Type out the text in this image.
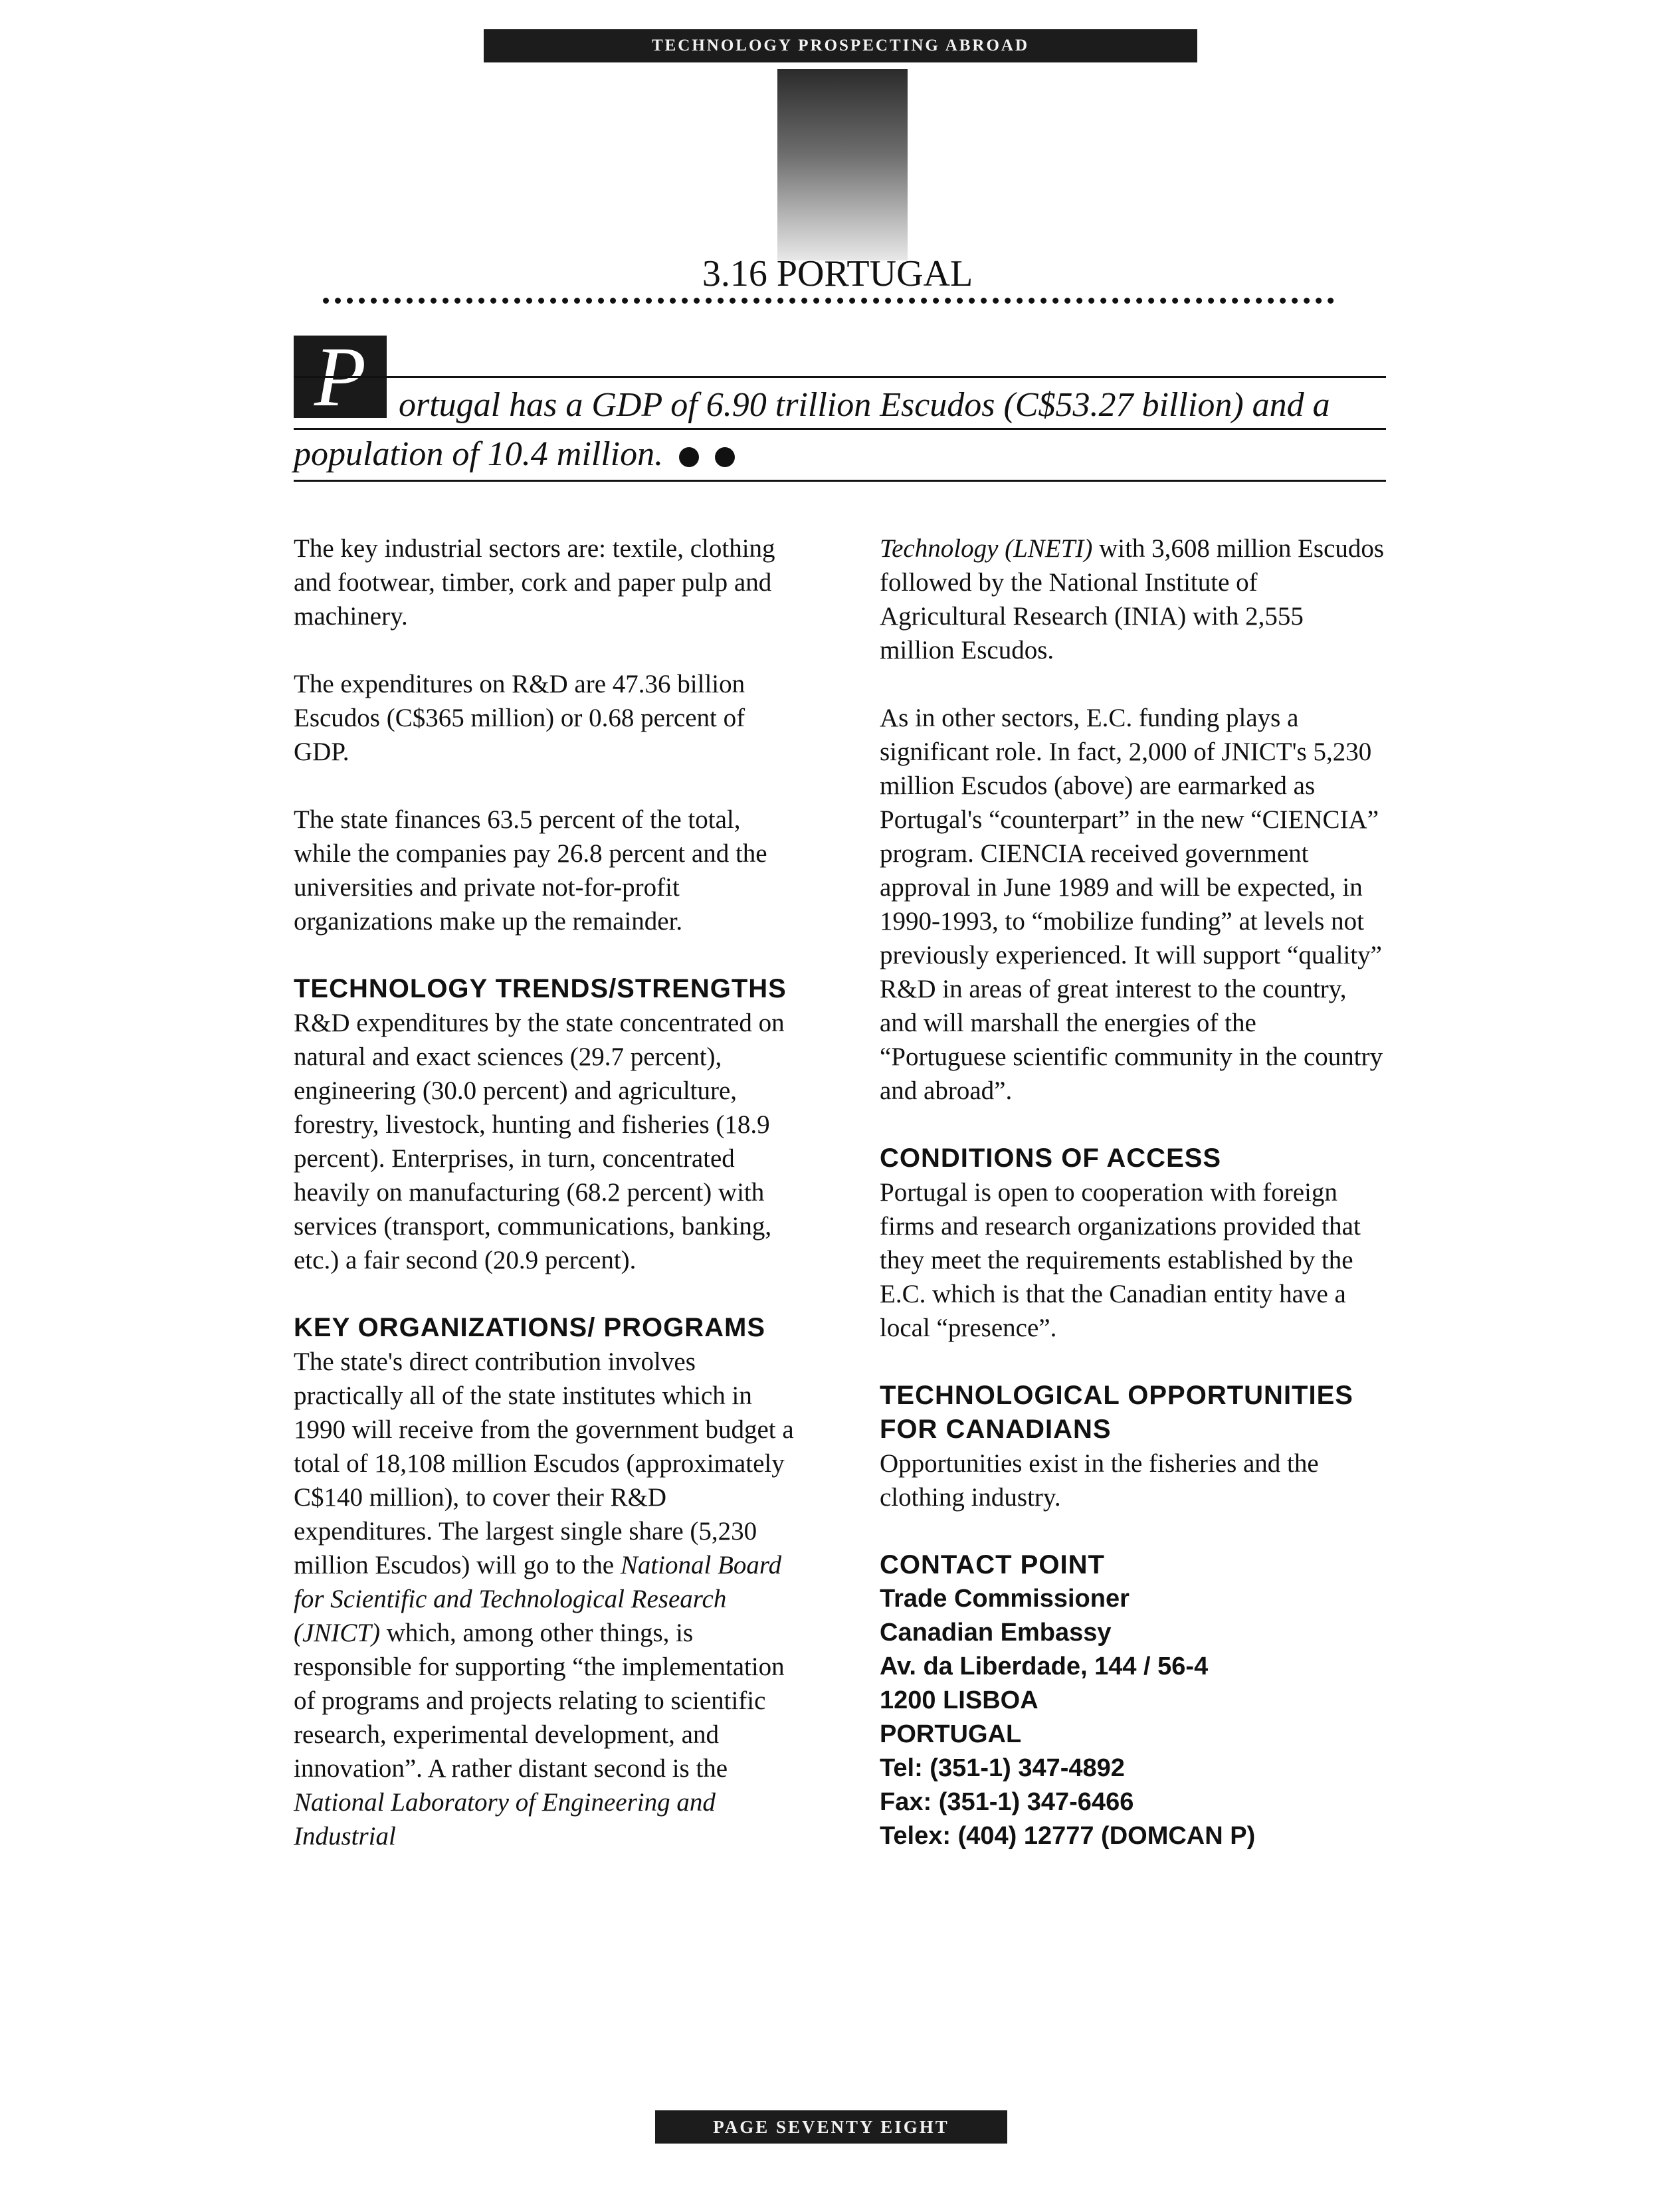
TECHNOLOGY PROSPECTING ABROAD
3.16 PORTUGAL
P ortugal has a GDP of 6.90 trillion Escudos (C$53.27 billion) and a
population of 10.4 million.

The key industrial sectors are: textile, clothing and footwear, timber, cork and paper pulp and machinery.

The expenditures on R&D are 47.36 billion Escudos (C$365 million) or 0.68 percent of GDP.

The state finances 63.5 percent of the total, while the companies pay 26.8 percent and the universities and private not-for-profit organizations make up the remainder.

TECHNOLOGY TRENDS/STRENGTHS

R&D expenditures by the state concentrated on natural and exact sciences (29.7 percent), engineering (30.0 percent) and agriculture, forestry, livestock, hunting and fisheries (18.9 percent). Enterprises, in turn, concentrated heavily on manufacturing (68.2 percent) with services (transport, communications, banking, etc.) a fair second (20.9 percent).

KEY ORGANIZATIONS/ PROGRAMS

The state's direct contribution involves practically all of the state institutes which in 1990 will receive from the government budget a total of 18,108 million Escudos (approximately C$140 million), to cover their R&D expenditures. The largest single share (5,230 million Escudos) will go to the National Board for Scientific and Technological Research (JNICT) which, among other things, is responsible for supporting “the implementation of programs and projects relating to scientific research, experimental development, and innovation”. A rather distant second is the National Laboratory of Engineering and Industrial

Technology (LNETI) with 3,608 million Escudos followed by the National Institute of Agricultural Research (INIA) with 2,555 million Escudos.

As in other sectors, E.C. funding plays a significant role. In fact, 2,000 of JNICT's 5,230 million Escudos (above) are earmarked as Portugal's “counterpart” in the new “CIENCIA” program. CIENCIA received government approval in June 1989 and will be expected, in 1990-1993, to “mobilize funding” at levels not previously experienced. It will support “quality” R&D in areas of great interest to the country, and will marshall the energies of the “Portuguese scientific community in the country and abroad”.

CONDITIONS OF ACCESS

Portugal is open to cooperation with foreign firms and research organizations provided that they meet the requirements established by the E.C. which is that the Canadian entity have a local “presence”.

TECHNOLOGICAL OPPORTUNITIES FOR CANADIANS

Opportunities exist in the fisheries and the clothing industry.

CONTACT POINT
Trade Commissioner
Canadian Embassy
Av. da Liberdade, 144 / 56-4
1200 LISBOA
PORTUGAL
Tel: (351-1) 347-4892
Fax: (351-1) 347-6466
Telex: (404) 12777 (DOMCAN P)
PAGE SEVENTY EIGHT
